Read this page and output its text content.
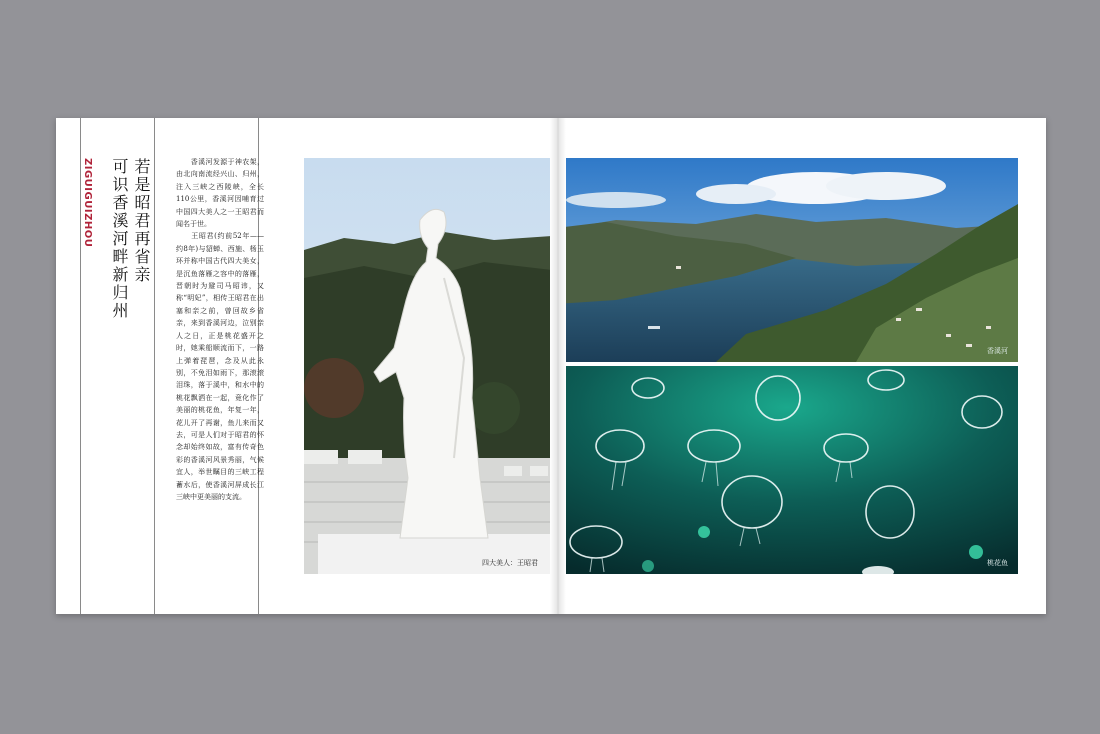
ZIGUIGUIZHOU	若是昭君再省亲
可识香溪河畔新归州	　　香溪河发源于神农架，由北向南流经兴山、归州，注入三峡之西陵峡，全长110公里，香溪河因哺育过中国四大美人之一王昭君而闻名于世。
　　王昭君(约前52年——约8年)与貂蝉、西施、杨玉环并称中国古代四大美女，是沉鱼落雁之容中的落雁，晋朝时为避司马昭讳，又称“明妃”，相传王昭君在出塞和亲之前，曾回故乡省亲，来到香溪河边，泣别亲人之日，正是桃花盛开之时，她乘船顺流而下，一路上弹着琵琶，念及从此永别，不免泪如雨下，那滚滚泪珠，落于溪中，和水中的桃花飘洒在一起，竟化作了美丽的桃花鱼，年复一年，花儿开了再谢，鱼儿来而又去，可是人们对于昭君的怀念却始终如故，富有传奇色彩的香溪河风景秀丽，气候宜人，举世瞩目的三峡工程蓄水后，使香溪河屏成长江三峡中更美丽的支流。
四大美人：王昭君
香溪河
桃花鱼
